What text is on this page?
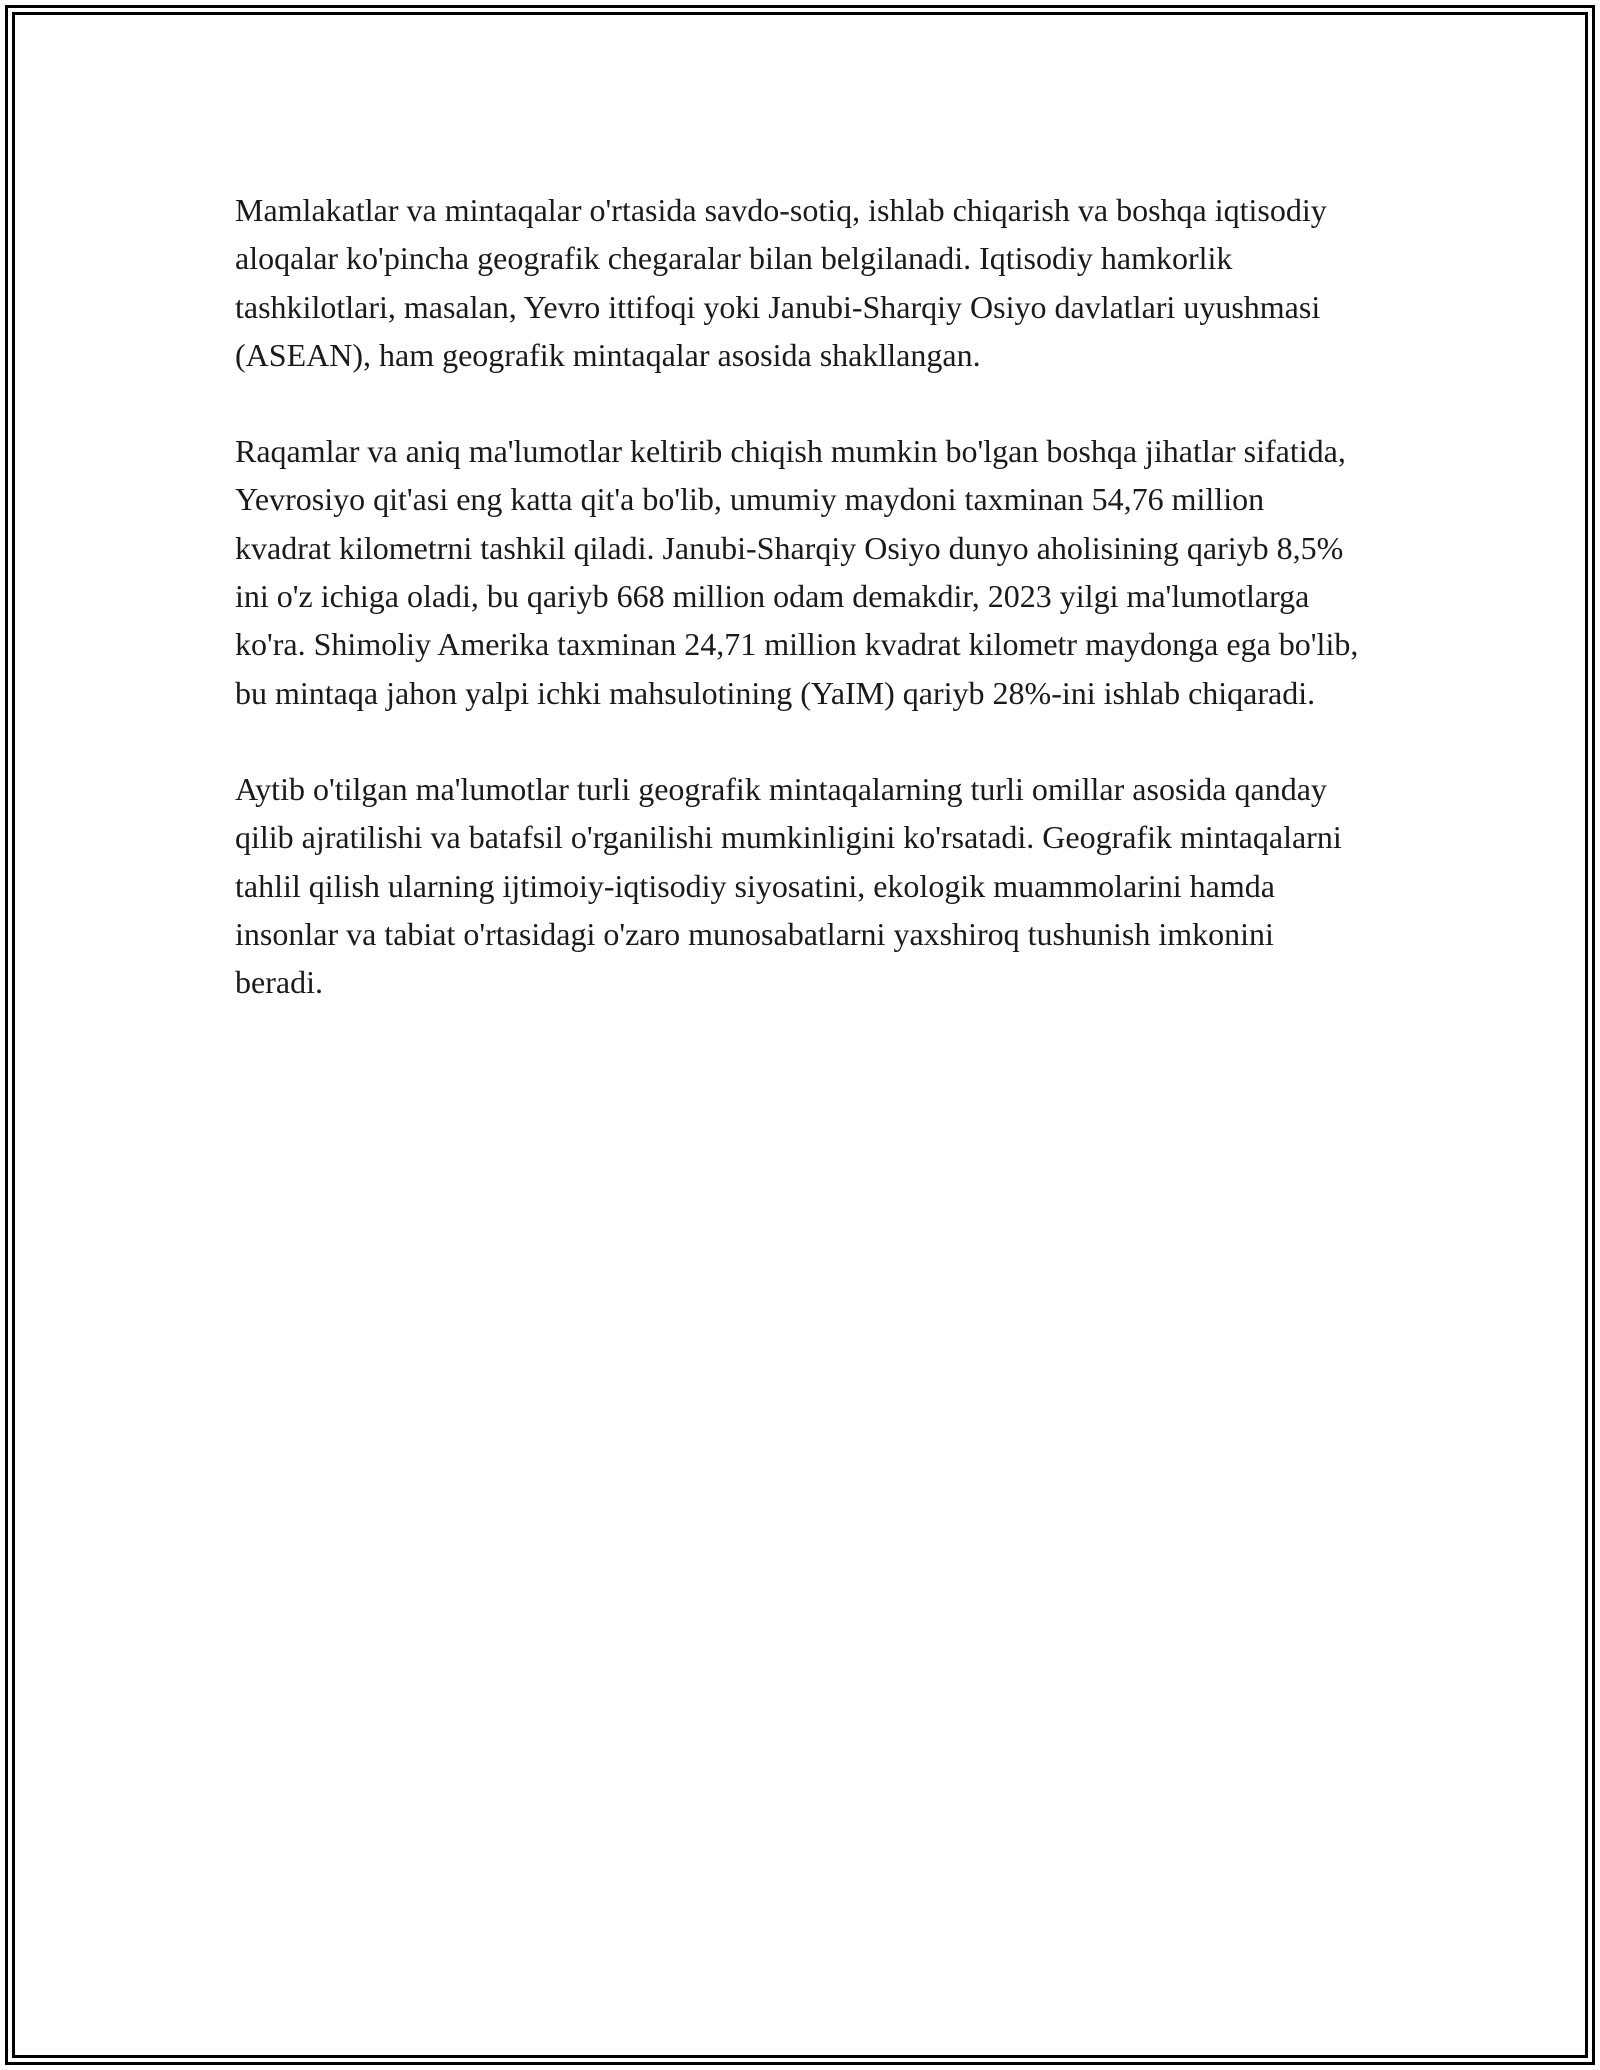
Mamlakatlar va mintaqalar o'rtasida savdo-sotiq, ishlab chiqarish va boshqa iqtisodiy aloqalar ko'pincha geografik chegaralar bilan belgilanadi. Iqtisodiy hamkorlik tashkilotlari, masalan, Yevro ittifoqi yoki Janubi-Sharqiy Osiyo davlatlari uyushmasi (ASEAN), ham geografik mintaqalar asosida shakllangan.

Raqamlar va aniq ma'lumotlar keltirib chiqish mumkin bo'lgan boshqa jihatlar sifatida, Yevrosiyo qit'asi eng katta qit'a bo'lib, umumiy maydoni taxminan 54,76 million kvadrat kilometrni tashkil qiladi. Janubi-Sharqiy Osiyo dunyo aholisining qariyb 8,5% ini o'z ichiga oladi, bu qariyb 668 million odam demakdir, 2023 yilgi ma'lumotlarga ko'ra. Shimoliy Amerika taxminan 24,71 million kvadrat kilometr maydonga ega bo'lib, bu mintaqa jahon yalpi ichki mahsulotining (YaIM) qariyb 28%-ini ishlab chiqaradi.

Aytib o'tilgan ma'lumotlar turli geografik mintaqalarning turli omillar asosida qanday qilib ajratilishi va batafsil o'rganilishi mumkinligini ko'rsatadi. Geografik mintaqalarni tahlil qilish ularning ijtimoiy-iqtisodiy siyosatini, ekologik muammolarini hamda insonlar va tabiat o'rtasidagi o'zaro munosabatlarni yaxshiroq tushunish imkonini beradi.
